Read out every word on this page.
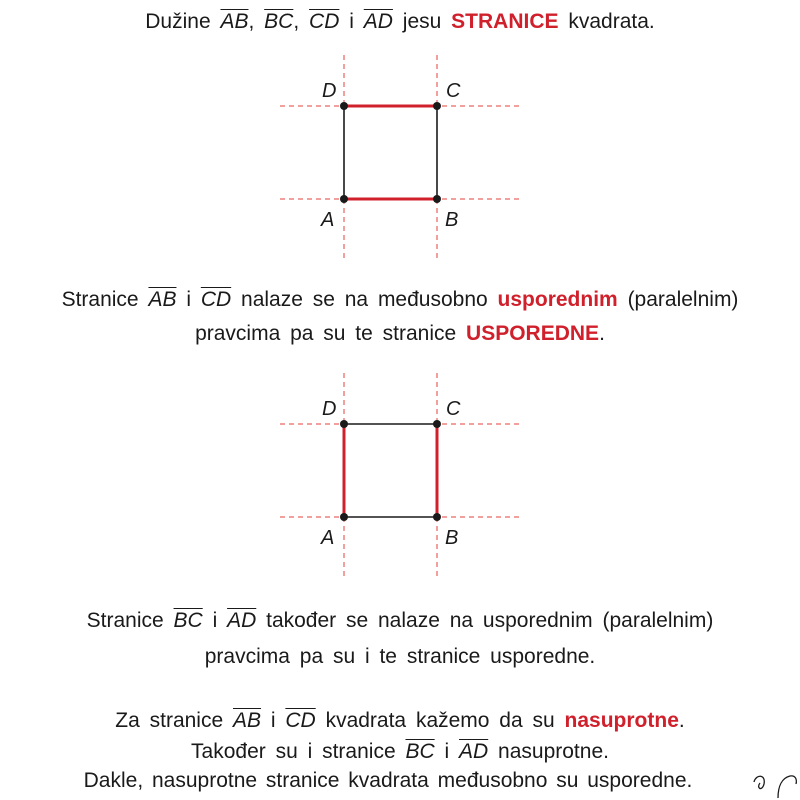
Dužine $\overline{AB}$, $\overline{BC}$, $\overline{CD}$ i $\overline{AD}$ jesu STRANICE kvadrata.
D	C
A	B
Stranice $\overline{AB}$ i $\overline{CD}$ nalaze se na međusobno usporednim (paralelnim)
pravcima pa su te stranice USPOREDNE.
D	C
A	B
Stranice $\overline{BC}$ i $\overline{AD}$ također se nalaze na usporednim (paralelnim)
pravcima pa su i te stranice usporedne.
Za stranice $\overline{AB}$ i $\overline{CD}$ kvadrata kažemo da su nasuprotne.
Također su i stranice $\overline{BC}$ i $\overline{AD}$ nasuprotne.
Dakle, nasuprotne stranice kvadrata međusobno su usporedne.
